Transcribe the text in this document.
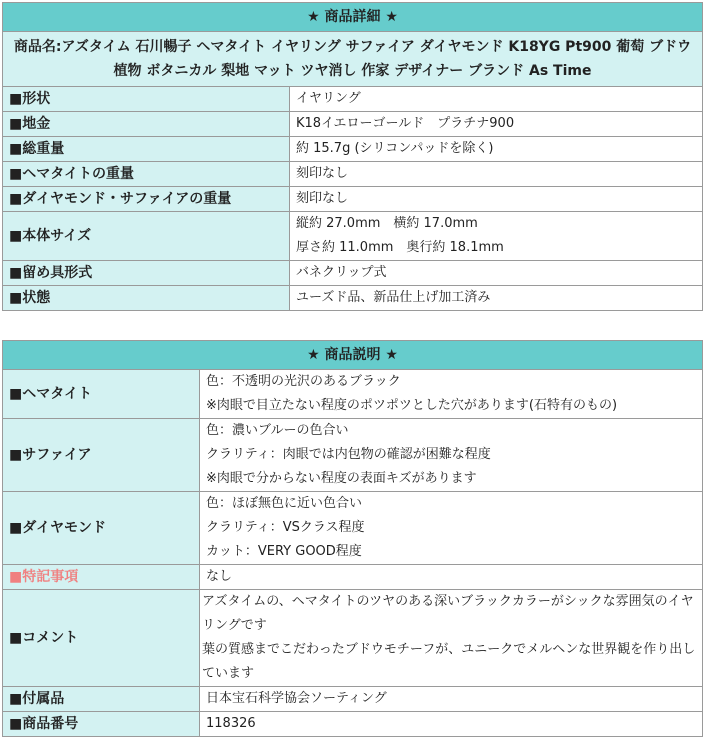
★ 商品詳細 ★	
商品名:アズタイム 石川暢子 ヘマタイト イヤリング サファイア ダイヤモンド K18YG Pt900 葡萄 ブドウ 植物 ボタニカル 梨地 マット ツヤ消し 作家 デザイナー ブランド As Time	
■形状	イヤリング

■地金	K18イエローゴールド　プラチナ900

■総重量	約 15.7g (シリコンパッドを除く)

■ヘマタイトの重量	刻印なし

■ダイヤモンド・サファイアの重量	刻印なし

■本体サイズ	縦約 27.0mm　横約 17.0mm
厚さ約 11.0mm　奥行約 18.1mm

■留め具形式	バネクリップ式

■状態	ユーズド品、新品仕上げ加工済み
★ 商品説明 ★	
■ヘマタイト	色：不透明の光沢のあるブラック
※肉眼で目立たない程度のポツポツとした穴があります(石特有のもの)

■サファイア	色：濃いブルーの色合い
クラリティ：肉眼では内包物の確認が困難な程度
※肉眼で分からない程度の表面キズがあります

■ダイヤモンド	色：ほぼ無色に近い色合い
クラリティ：VSクラス程度
カット：VERY GOOD程度

■特記事項	なし

■コメント	アズタイムの、ヘマタイトのツヤのある深いブラックカラーがシックな雰囲気のイヤリングです
葉の質感までこだわったブドウモチーフが、ユニークでメルヘンな世界観を作り出しています

■付属品	日本宝石科学協会ソーティング

■商品番号	118326
